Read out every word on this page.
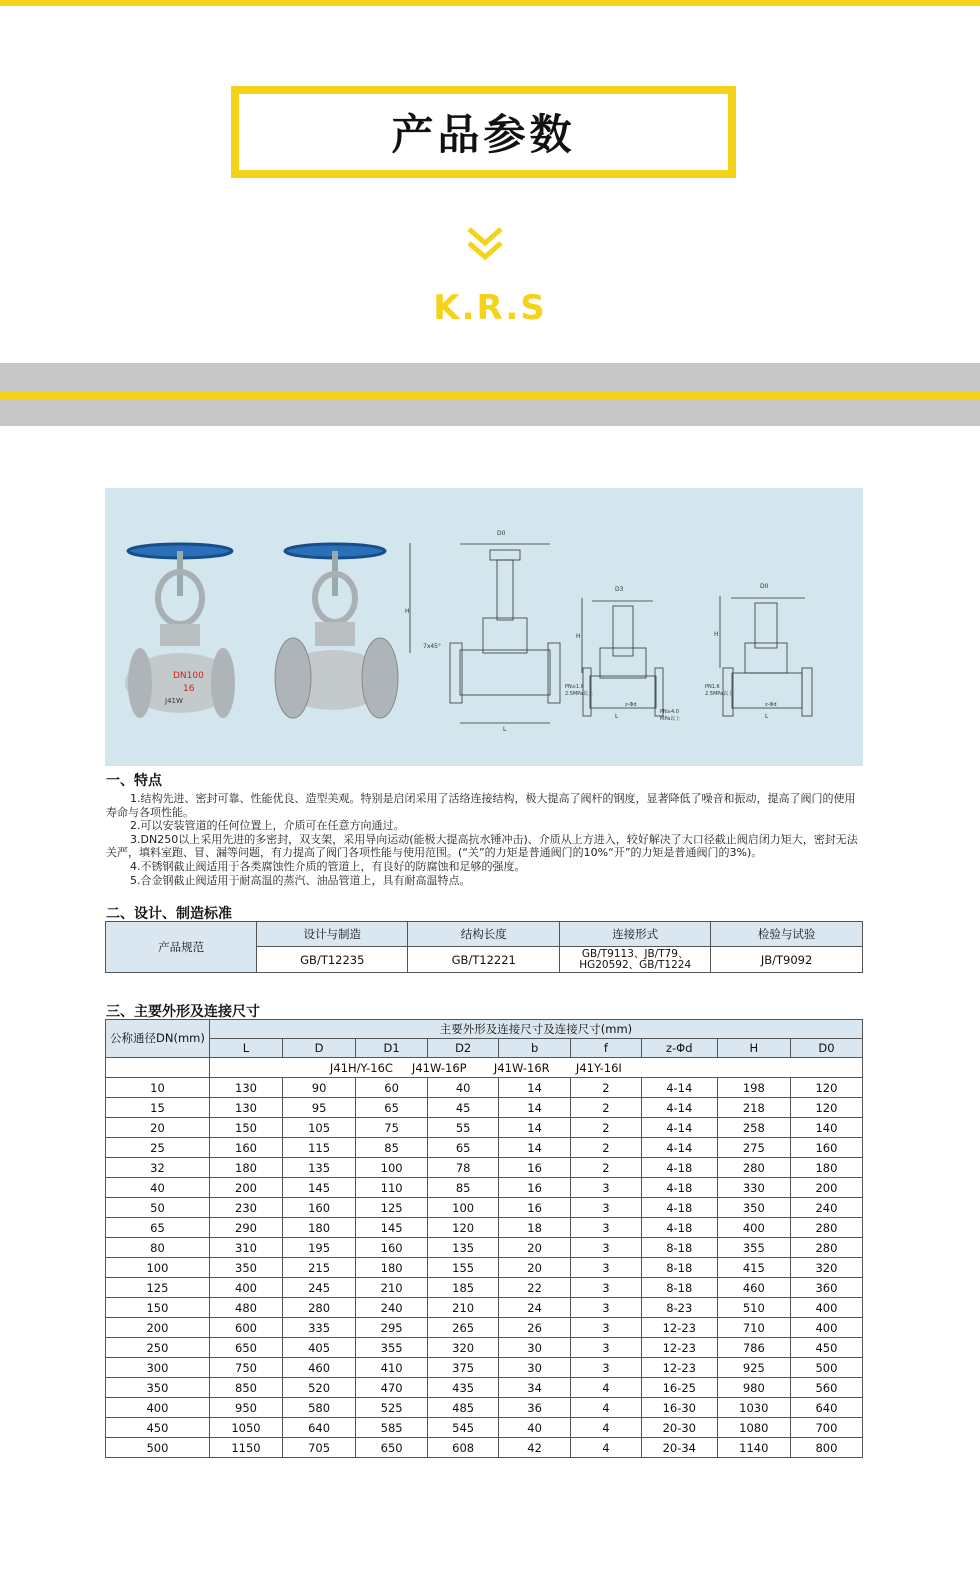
产品参数
K.R.S
DN100
16
J41W
D0
H
L
7x45°
D3
H
L
PN≤1.6
2.5MPa以上
PN≥4.0
MPa以上
z-Φd
D0
H
L
PN1.6
2.5MPa以上
z-Φd
一、特点

1.结构先进、密封可靠、性能优良、造型美观。特别是启闭采用了活络连接结构，极大提高了阀杆的钢度，显著降低了噪音和振动，提高了阀门的使用寿命与各项性能。

2.可以安装管道的任何位置上，介质可在任意方向通过。

3.DN250以上采用先进的多密封，双支架，采用导向运动(能极大提高抗水锤冲击)、介质从上方进入，较好解决了大口径截止阀启闭力矩大，密封无法关严，填料室跑、冒、漏等问题，有力提高了阀门各项性能与使用范围。(“关”的力矩是普通阀门的10%“开”的力矩是普通阀门的3%)。

4.不锈钢截止阀适用于各类腐蚀性介质的管道上，有良好的防腐蚀和足够的强度。

5.合金钢截止阀适用于耐高温的蒸汽、油品管道上，具有耐高温特点。

二、设计、制造标准
产品规范	设计与制造	结构长度	连接形式	检验与试验
	GB/T12235	GB/T12221	GB/T9113、JB/T79、HG20592、GB/T1224	JB/T9092
三、主要外形及连接尺寸
公称通径DN(mm)	主要外形及连接尺寸及连接尺寸(mm)								
	L	D	D1	D2	b	f	z-Φd	H	D0
	J41H/Y-16C J41W-16P J41W-16R J41Y-16I								
10	130	90	60	40	14	2	4-14	198	120
15	130	95	65	45	14	2	4-14	218	120
20	150	105	75	55	14	2	4-14	258	140
25	160	115	85	65	14	2	4-14	275	160
32	180	135	100	78	16	2	4-18	280	180
40	200	145	110	85	16	3	4-18	330	200
50	230	160	125	100	16	3	4-18	350	240
65	290	180	145	120	18	3	4-18	400	280
80	310	195	160	135	20	3	8-18	355	280
100	350	215	180	155	20	3	8-18	415	320
125	400	245	210	185	22	3	8-18	460	360
150	480	280	240	210	24	3	8-23	510	400
200	600	335	295	265	26	3	12-23	710	400
250	650	405	355	320	30	3	12-23	786	450
300	750	460	410	375	30	3	12-23	925	500
350	850	520	470	435	34	4	16-25	980	560
400	950	580	525	485	36	4	16-30	1030	640
450	1050	640	585	545	40	4	20-30	1080	700
500	1150	705	650	608	42	4	20-34	1140	800
